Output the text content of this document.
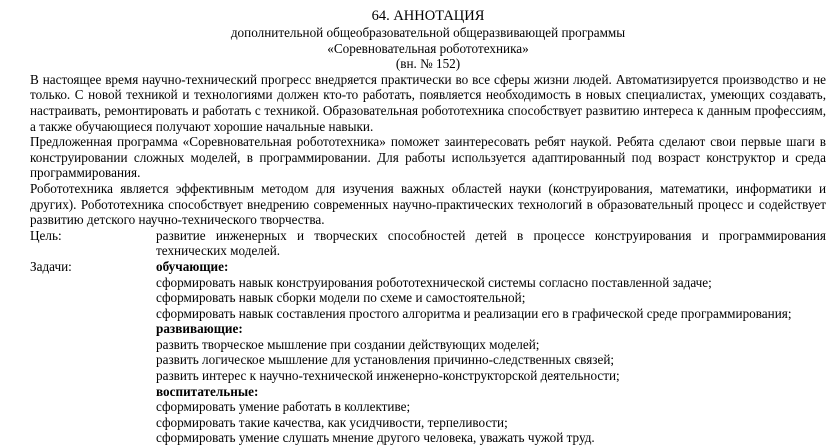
64. АННОТАЦИЯ
дополнительной общеобразовательной общеразвивающей программы
«Соревновательная робототехника»
(вн. № 152)

В настоящее время научно-технический прогресс внедряется практически во все сферы жизни людей. Автоматизируется производство и не только. С новой техникой и технологиями должен кто-то работать, появляется необходимость в новых специалистах, умеющих создавать, настраивать, ремонтировать и работать с техникой. Образовательная робототехника способствует развитию интереса к данным профессиям, а также обучающиеся получают хорошие начальные навыки.

Предложенная программа «Соревновательная робототехника» поможет заинтересовать ребят наукой. Ребята сделают свои первые шаги в конструировании сложных моделей, в программировании. Для работы используется адаптированный под возраст конструктор и среда программирования.

Робототехника является эффективным методом для изучения важных областей науки (конструирования, математики, информатики и других). Робототехника способствует внедрению современных научно-практических технологий в образовательный процесс и содействует развитию детского научно-технического творчества.

Цель:	развитие инженерных и творческих способностей детей в процессе конструирования и программирования технических моделей.
Задачи:	обучающие:
сформировать навык конструирования робототехнической системы согласно поставленной задаче;
сформировать навык сборки модели по схеме и самостоятельной;
сформировать навык составления простого алгоритма и реализации его в графической среде программирования;
развивающие:
развить творческое мышление при создании действующих моделей;
развить логическое мышление для установления причинно-следственных связей;
развить интерес к научно-технической инженерно-конструкторской деятельности;
воспитательные:
сформировать умение работать в коллективе;
сформировать такие качества, как усидчивости, терпеливости;
сформировать умение слушать мнение другого человека, уважать чужой труд.
